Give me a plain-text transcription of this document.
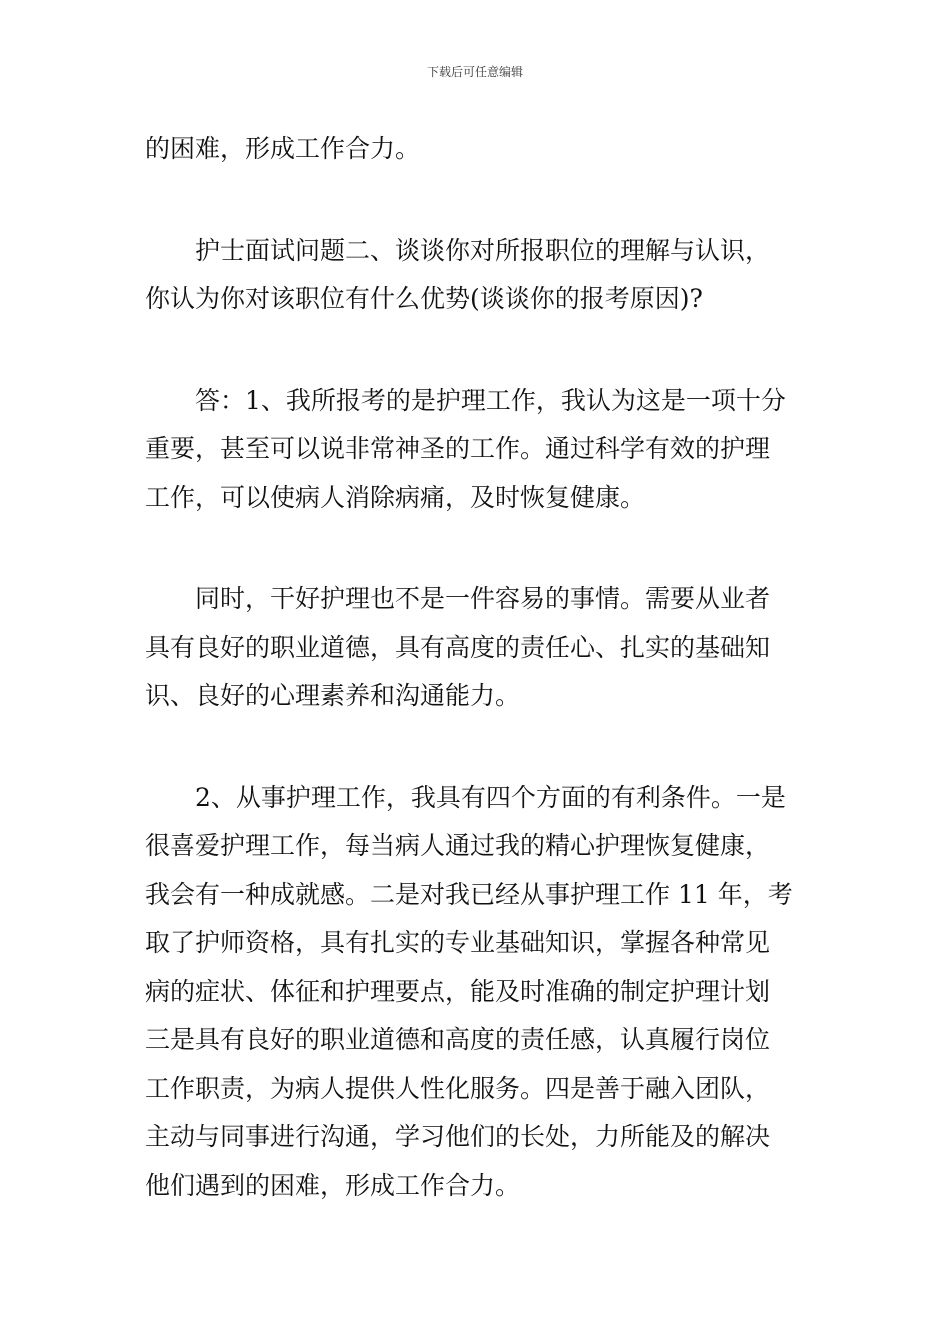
下载后可任意编辑
的困难，形成工作合力。
护士面试问题二、谈谈你对所报职位的理解与认识，
你认为你对该职位有什么优势(谈谈你的报考原因)?
答：1、我所报考的是护理工作，我认为这是一项十分
重要，甚至可以说非常神圣的工作。通过科学有效的护理
工作，可以使病人消除病痛，及时恢复健康。
同时，干好护理也不是一件容易的事情。需要从业者
具有良好的职业道德，具有高度的责任心、扎实的基础知
识、良好的心理素养和沟通能力。
2、从事护理工作，我具有四个方面的有利条件。一是
很喜爱护理工作，每当病人通过我的精心护理恢复健康，
我会有一种成就感。二是对我已经从事护理工作 11 年，考
取了护师资格，具有扎实的专业基础知识，掌握各种常见
病的症状、体征和护理要点，能及时准确的制定护理计划
三是具有良好的职业道德和高度的责任感，认真履行岗位
工作职责，为病人提供人性化服务。四是善于融入团队，
主动与同事进行沟通，学习他们的长处，力所能及的解决
他们遇到的困难，形成工作合力。
